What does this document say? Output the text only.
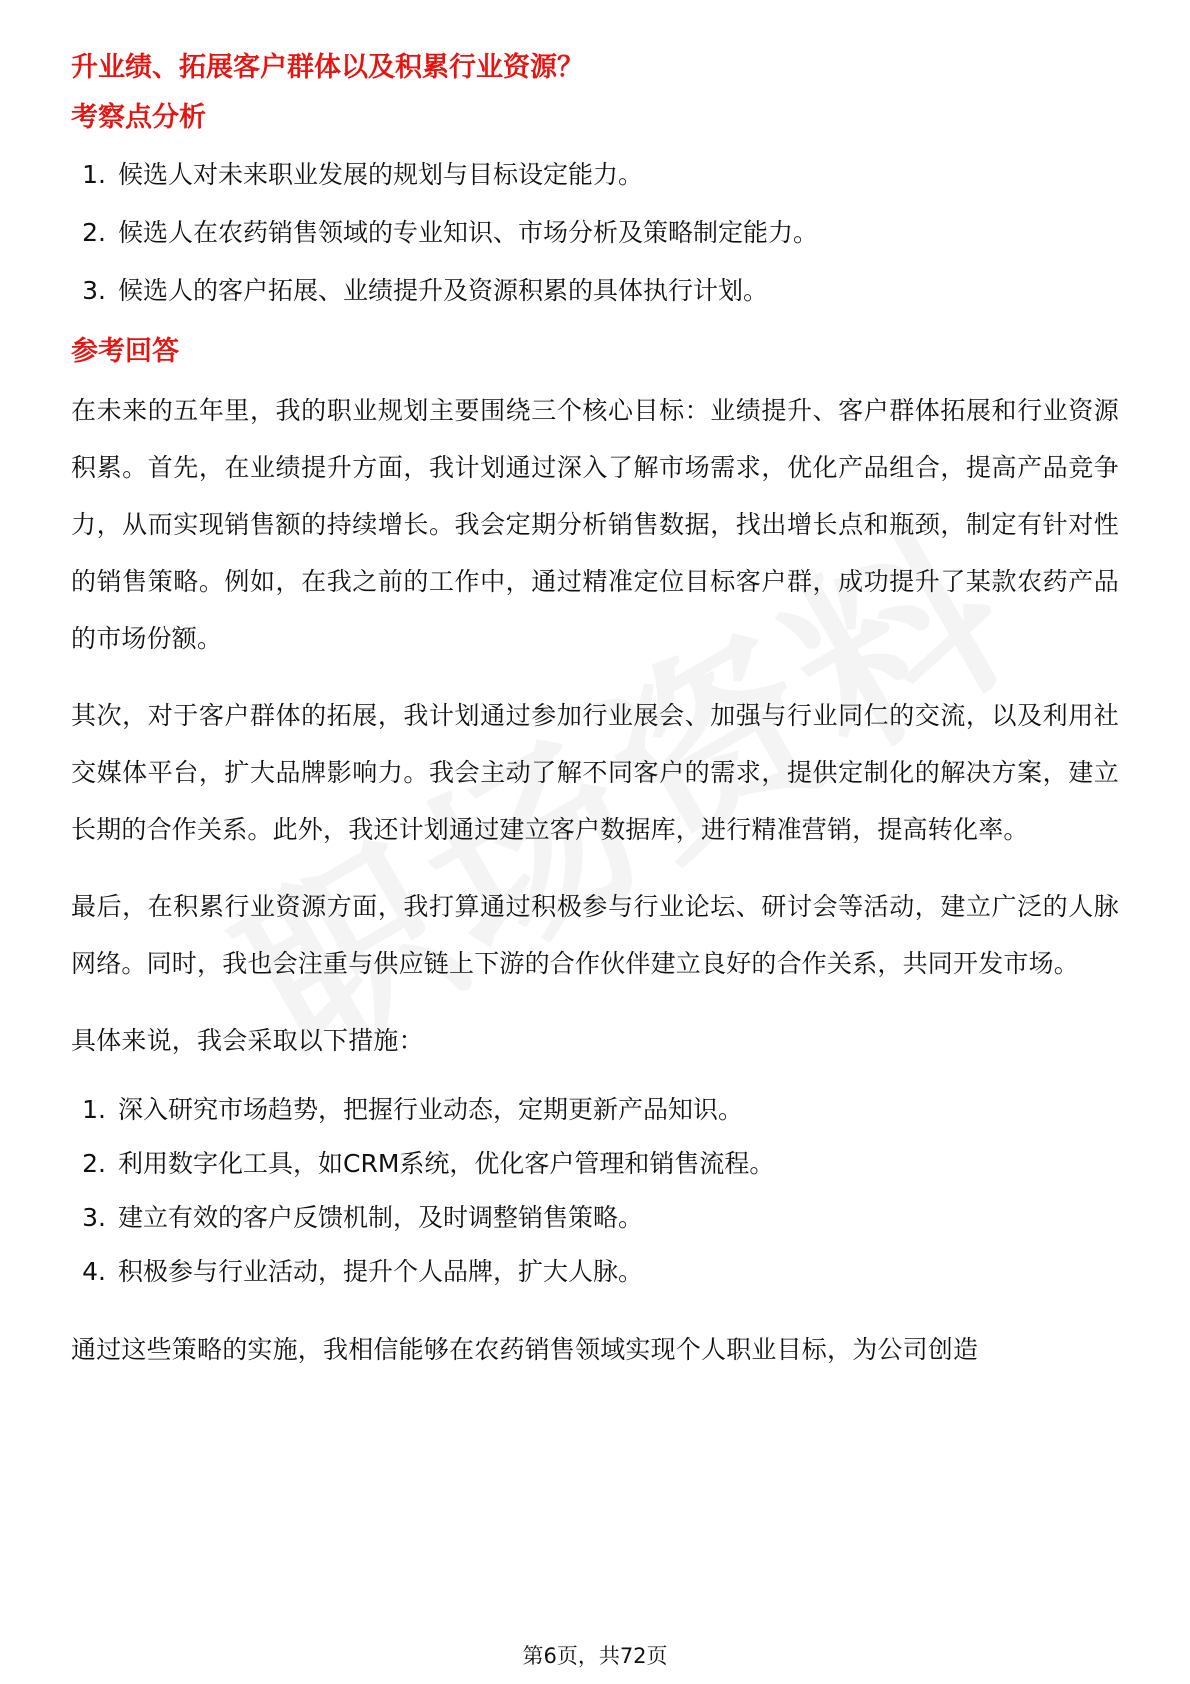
升业绩、拓展客户群体以及积累行业资源？
考察点分析
1. 候选人对未来职业发展的规划与目标设定能力。
2. 候选人在农药销售领域的专业知识、市场分析及策略制定能力。
3. 候选人的客户拓展、业绩提升及资源积累的具体执行计划。
参考回答

在未来的五年里，我的职业规划主要围绕三个核心目标：业绩提升、客户群体拓展和行业资源积累。首先，在业绩提升方面，我计划通过深入了解市场需求，优化产品组合，提高产品竞争力，从而实现销售额的持续增长。我会定期分析销售数据，找出增长点和瓶颈，制定有针对性的销售策略。例如，在我之前的工作中，通过精准定位目标客户群，成功提升了某款农药产品的市场份额。

其次，对于客户群体的拓展，我计划通过参加行业展会、加强与行业同仁的交流，以及利用社交媒体平台，扩大品牌影响力。我会主动了解不同客户的需求，提供定制化的解决方案，建立长期的合作关系。此外，我还计划通过建立客户数据库，进行精准营销，提高转化率。

最后，在积累行业资源方面，我打算通过积极参与行业论坛、研讨会等活动，建立广泛的人脉网络。同时，我也会注重与供应链上下游的合作伙伴建立良好的合作关系，共同开发市场。

具体来说，我会采取以下措施：

1. 深入研究市场趋势，把握行业动态，定期更新产品知识。
2. 利用数字化工具，如CRM系统，优化客户管理和销售流程。
3. 建立有效的客户反馈机制，及时调整销售策略。
4. 积极参与行业活动，提升个人品牌，扩大人脉。

通过这些策略的实施，我相信能够在农药销售领域实现个人职业目标，为公司创造

第6页，共72页
